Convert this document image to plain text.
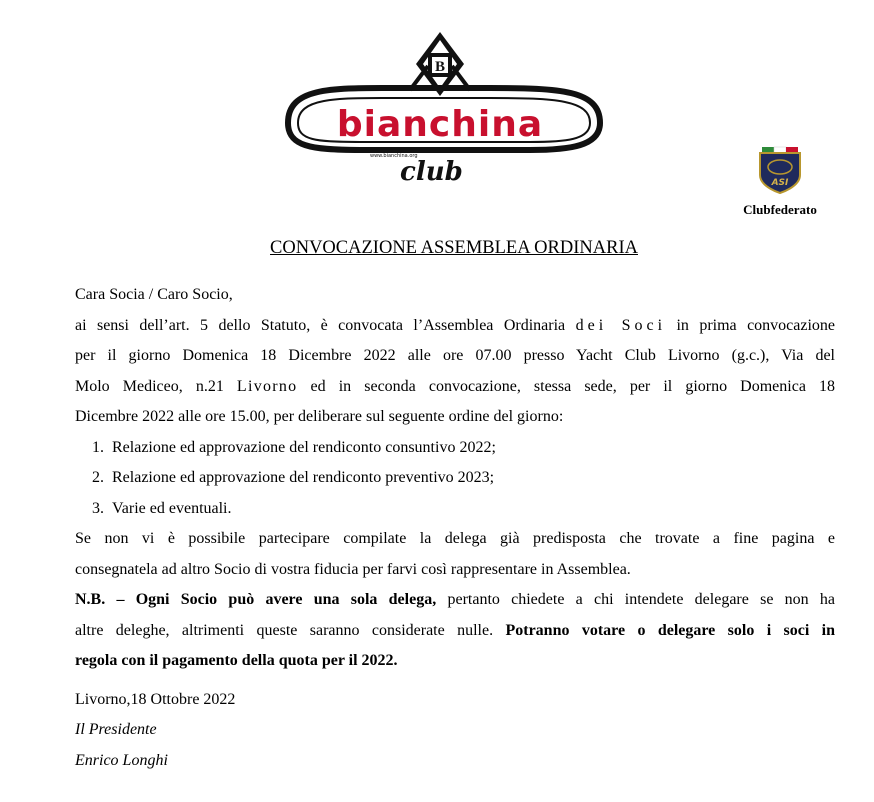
B
bianchina
www.bianchina.org
club	ASI
Clubfederato
CONVOCAZIONE ASSEMBLEA ORDINARIA

Cara Socia / Caro Socio,

ai sensi dell’art. 5 dello Statuto, è convocata l’Assemblea Ordinaria dei Soci in prima convocazione

per il giorno Domenica 18 Dicembre 2022 alle ore 07.00 presso Yacht Club Livorno (g.c.), Via del

Molo Mediceo, n.21 Livorno ed in seconda convocazione, stessa sede, per il giorno Domenica 18

Dicembre 2022 alle ore 15.00, per deliberare sul seguente ordine del giorno:

1. Relazione ed approvazione del rendiconto consuntivo 2022;
2. Relazione ed approvazione del rendiconto preventivo 2023;
3. Varie ed eventuali.

Se non vi è possibile partecipare compilate la delega già predisposta che trovate a fine pagina e

consegnatela ad altro Socio di vostra fiducia per farvi così rappresentare in Assemblea.

N.B. – Ogni Socio può avere una sola delega, pertanto chiedete a chi intendete delegare se non ha

altre deleghe, altrimenti queste saranno considerate nulle. Potranno votare o delegare solo i soci in

regola con il pagamento della quota per il 2022.

Livorno,18 Ottobre 2022

Il Presidente

Enrico Longhi
